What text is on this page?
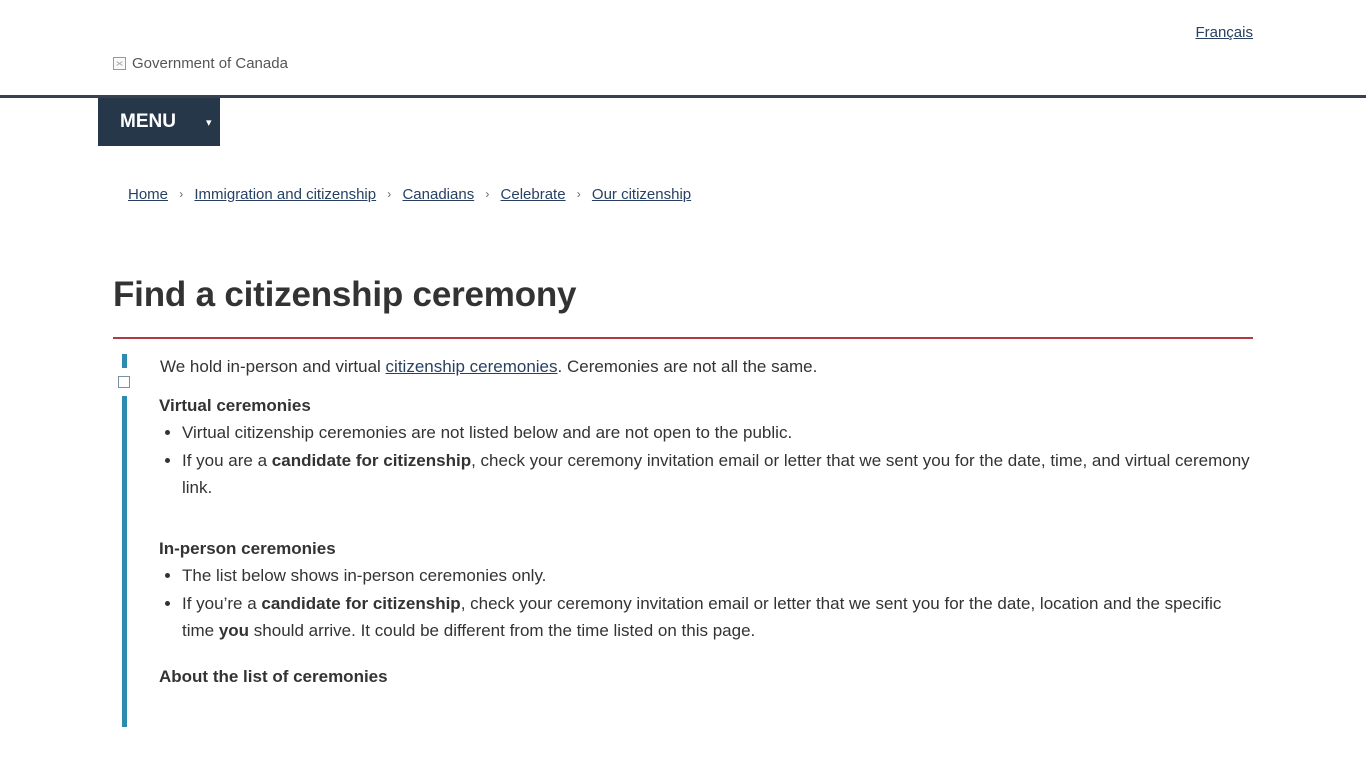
Français
Government of Canada
MENU	▾
Home › Immigration and citizenship › Canadians › Celebrate › Our citizenship
Find a citizenship ceremony

We hold in-person and virtual citizenship ceremonies. Ceremonies are not all the same.

Virtual ceremonies
• Virtual citizenship ceremonies are not listed below and are not open to the public.
• If you are a candidate for citizenship, check your ceremony invitation email or letter that we sent you for the date, time, and virtual ceremony link.
In-person ceremonies
• The list below shows in-person ceremonies only.
• If you’re a candidate for citizenship, check your ceremony invitation email or letter that we sent you for the date, location and the specific time you should arrive. It could be different from the time listed on this page.
About the list of ceremonies
